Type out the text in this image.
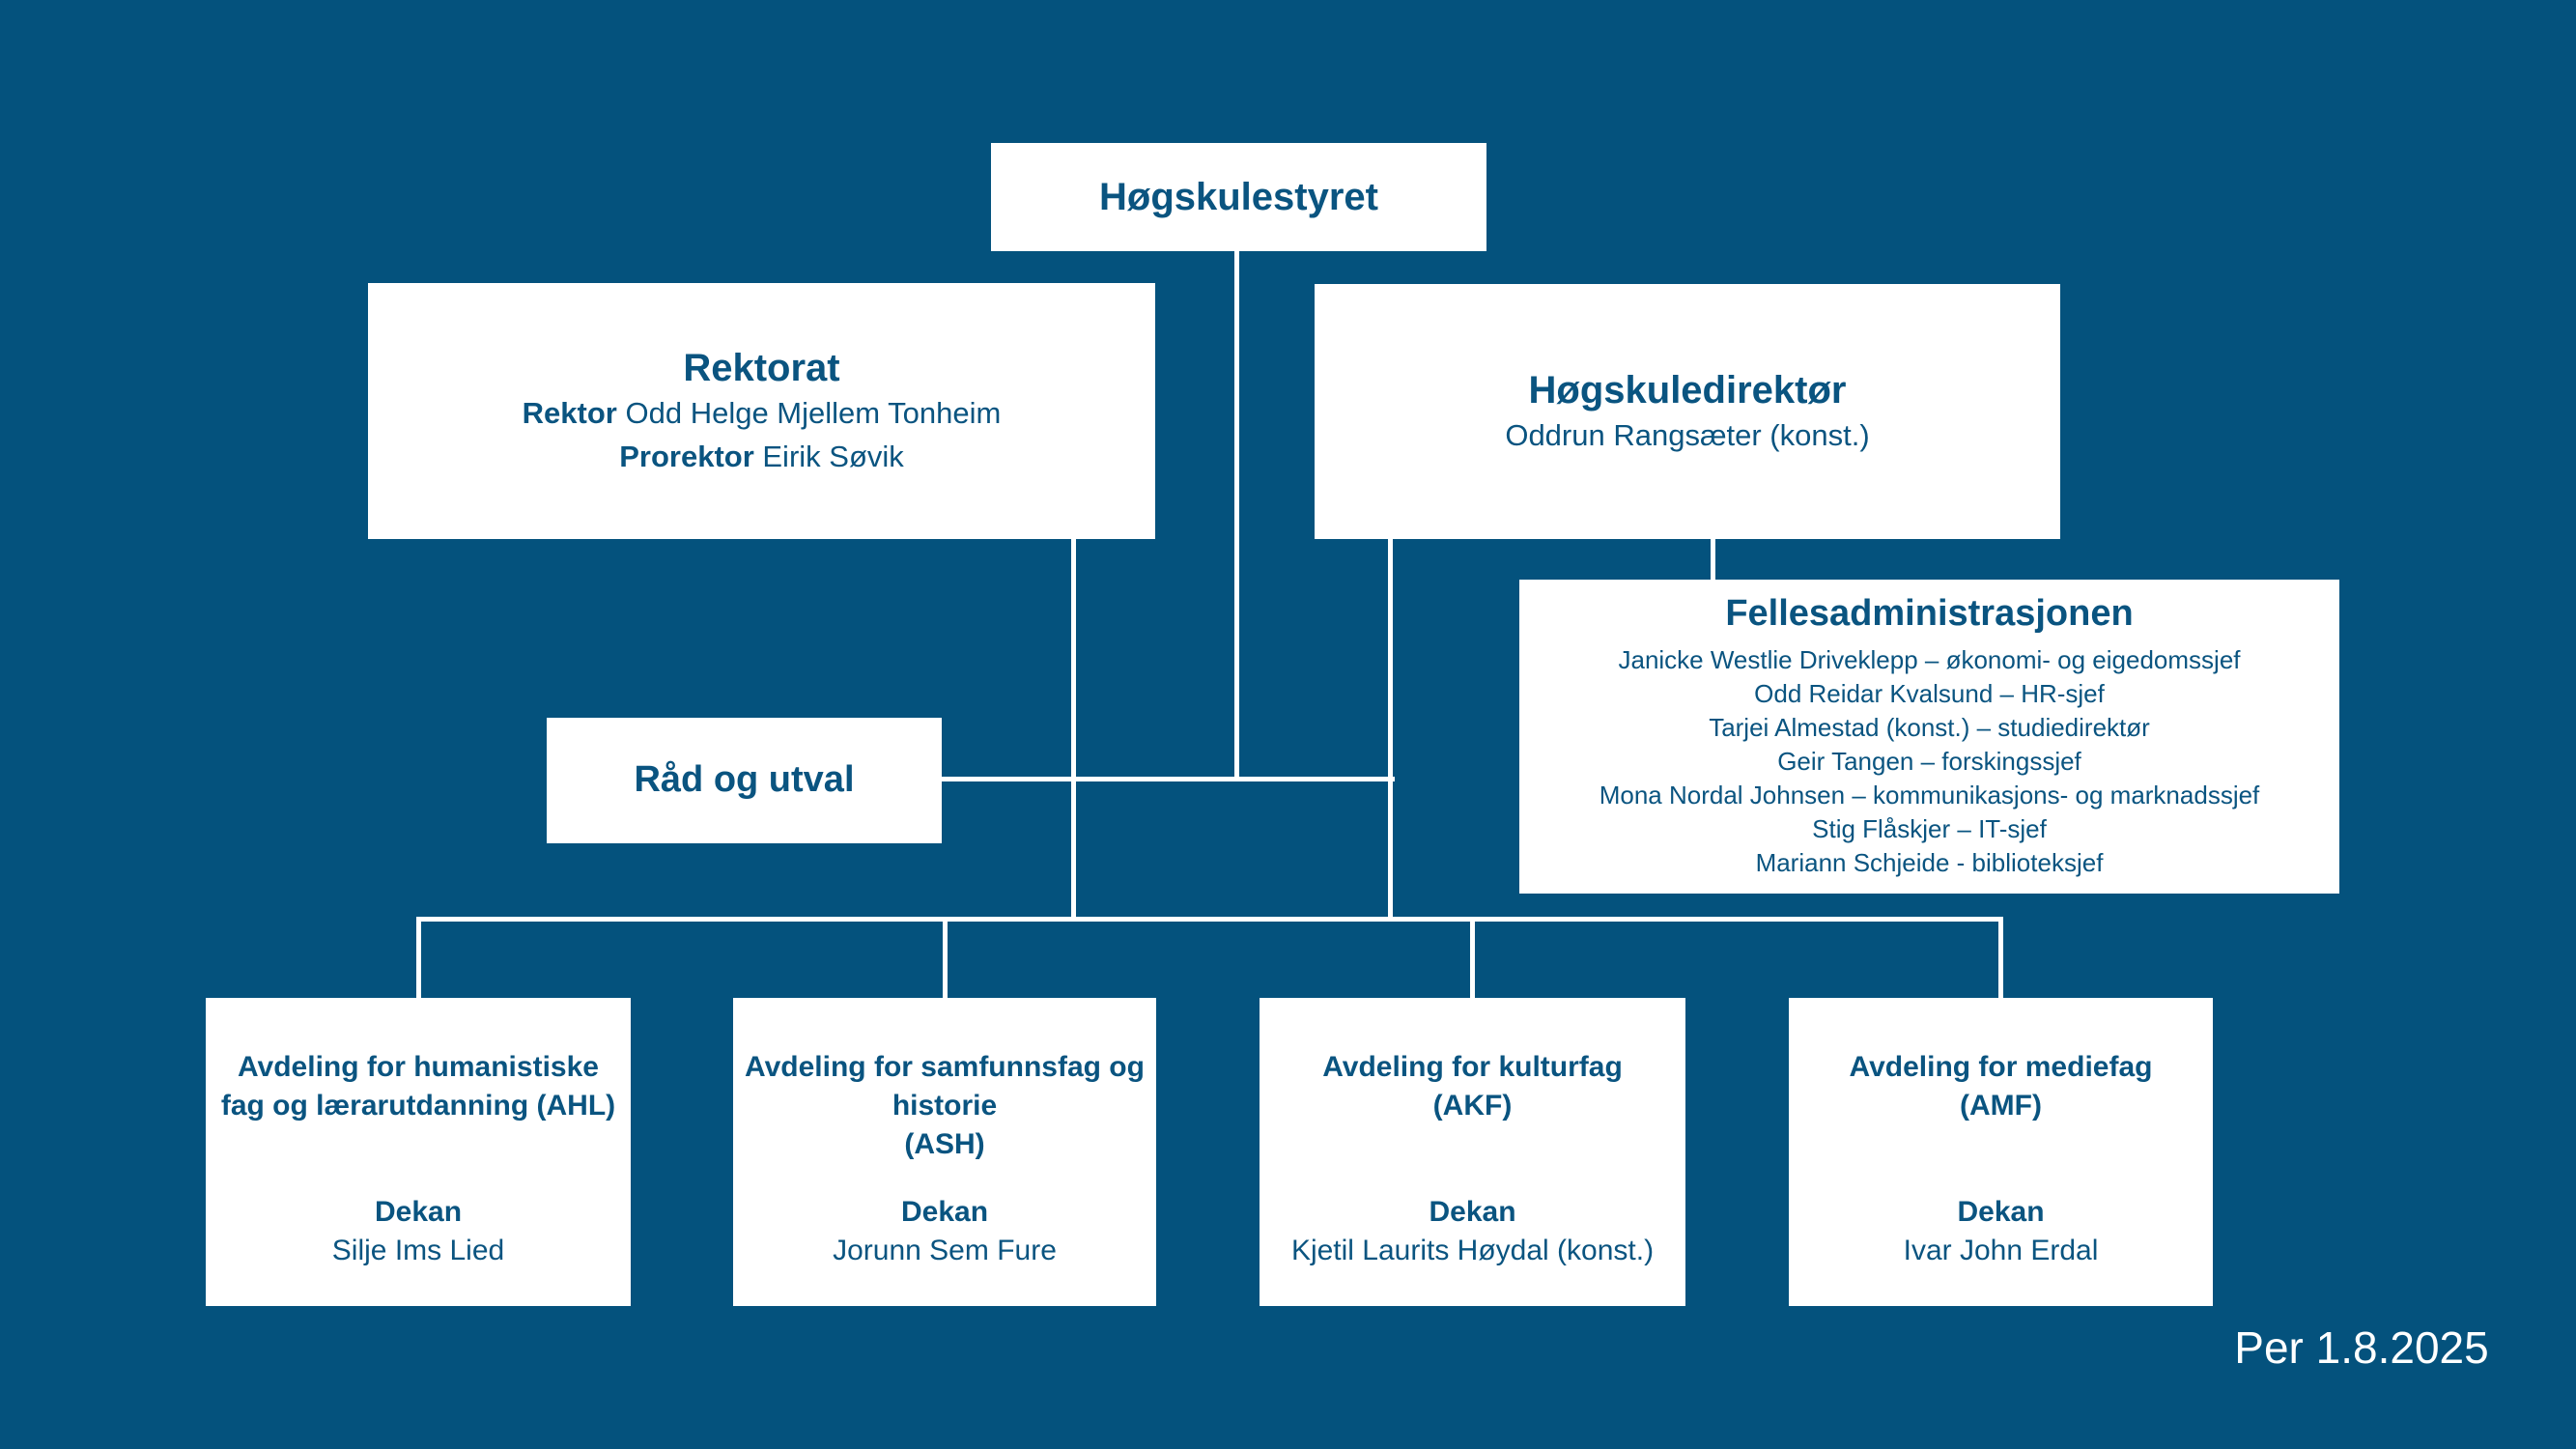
Høgskulestyret
Rektorat
Rektor Odd Helge Mjellem Tonheim
Prorektor Eirik Søvik
Høgskuledirektør
Oddrun Rangsæter (konst.)
Fellesadministrasjonen
Janicke Westlie Driveklepp – økonomi- og eigedomssjef
Odd Reidar Kvalsund – HR-sjef
Tarjei Almestad (konst.) – studiedirektør
Geir Tangen – forskingssjef
Mona Nordal Johnsen – kommunikasjons- og marknadssjef
Stig Flåskjer – IT-sjef
Mariann Schjeide - biblioteksjef
Råd og utval
Avdeling for humanistiske
fag og lærarutdanning (AHL)
Dekan
Silje Ims Lied
Avdeling for samfunnsfag og
historie
(ASH)
Dekan
Jorunn Sem Fure
Avdeling for kulturfag
(AKF)
Dekan
Kjetil Laurits Høydal (konst.)
Avdeling for mediefag
(AMF)
Dekan
Ivar John Erdal
Per 1.8.2025
